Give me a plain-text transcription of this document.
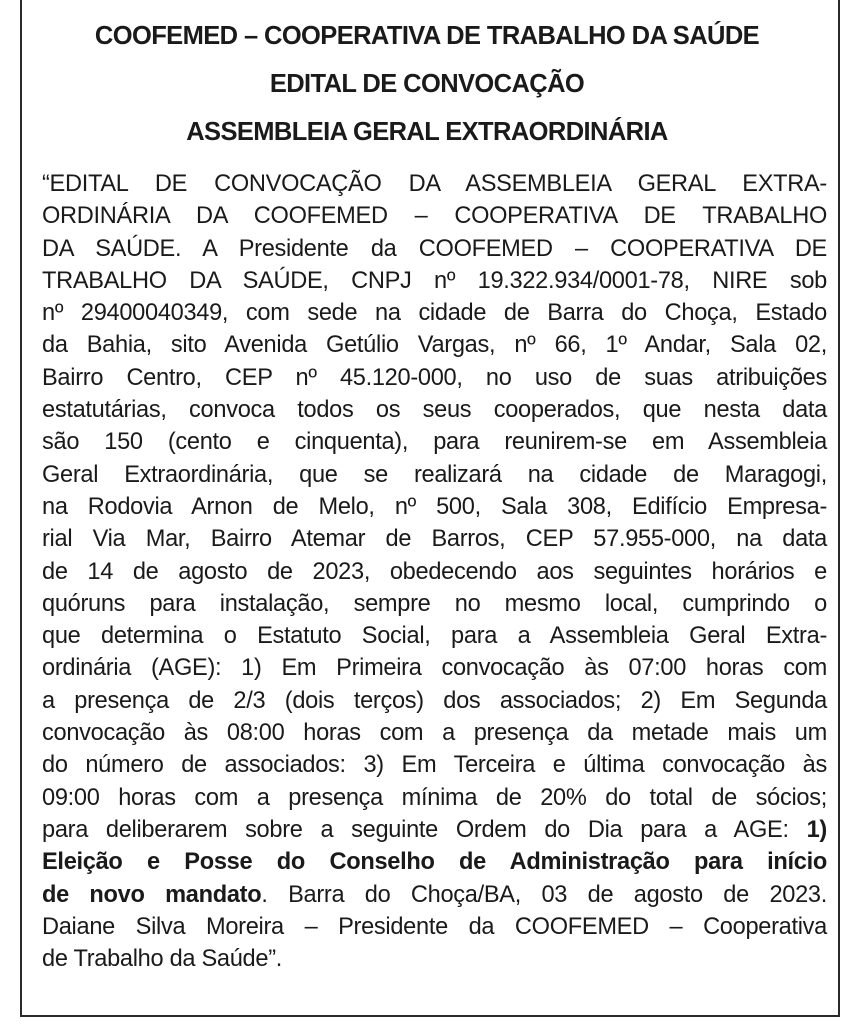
COOFEMED – COOPERATIVA DE TRABALHO DA SAÚDE
EDITAL DE CONVOCAÇÃO
ASSEMBLEIA GERAL EXTRAORDINÁRIA
“EDITAL DE CONVOCAÇÃO DA ASSEMBLEIA GERAL EXTRA-
ORDINÁRIA DA COOFEMED – COOPERATIVA DE TRABALHO
DA SAÚDE. A Presidente da COOFEMED – COOPERATIVA DE
TRABALHO DA SAÚDE, CNPJ nº 19.322.934/0001-78, NIRE sob
nº 29400040349, com sede na cidade de Barra do Choça, Estado
da Bahia, sito Avenida Getúlio Vargas, nº 66, 1º Andar, Sala 02,
Bairro Centro, CEP nº 45.120-000, no uso de suas atribuições
estatutárias, convoca todos os seus cooperados, que nesta data
são 150 (cento e cinquenta), para reunirem-se em Assembleia
Geral Extraordinária, que se realizará na cidade de Maragogi,
na Rodovia Arnon de Melo, nº 500, Sala 308, Edifício Empresa-
rial Via Mar, Bairro Atemar de Barros, CEP 57.955-000, na data
de 14 de agosto de 2023, obedecendo aos seguintes horários e
quóruns para instalação, sempre no mesmo local, cumprindo o
que determina o Estatuto Social, para a Assembleia Geral Extra-
ordinária (AGE): 1) Em Primeira convocação às 07:00 horas com
a presença de 2/3 (dois terços) dos associados; 2) Em Segunda
convocação às 08:00 horas com a presença da metade mais um
do número de associados: 3) Em Terceira e última convocação às
09:00 horas com a presença mínima de 20% do total de sócios;
para deliberarem sobre a seguinte Ordem do Dia para a AGE: 1)
Eleição e Posse do Conselho de Administração para início
de novo mandato. Barra do Choça/BA, 03 de agosto de 2023.
Daiane Silva Moreira – Presidente da COOFEMED – Cooperativa
de Trabalho da Saúde”.
